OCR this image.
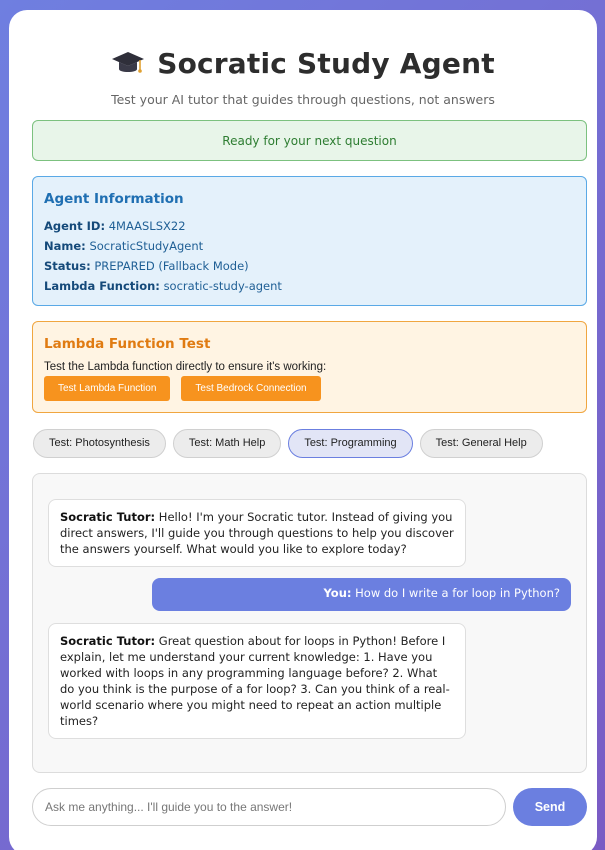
Socratic Study Agent
Test your AI tutor that guides through questions, not answers
Ready for your next question
Agent Information
Agent ID: 4MAASLSX22
Name: SocraticStudyAgent
Status: PREPARED (Fallback Mode)
Lambda Function: socratic-study-agent
Lambda Function Test
Test the Lambda function directly to ensure it's working:
Test Lambda Function	Test Bedrock Connection
Test: Photosynthesis	Test: Math Help	Test: Programming	Test: General Help
Socratic Tutor: Hello! I'm your Socratic tutor. Instead of giving you direct answers, I'll guide you through questions to help you discover the answers yourself. What would you like to explore today?
You: How do I write a for loop in Python?
Socratic Tutor: Great question about for loops in Python! Before I explain, let me understand your current knowledge: 1. Have you worked with loops in any programming language before? 2. What do you think is the purpose of a for loop? 3. Can you think of a real-world scenario where you might need to repeat an action multiple times?
Ask me anything... I'll guide you to the answer!
Send
